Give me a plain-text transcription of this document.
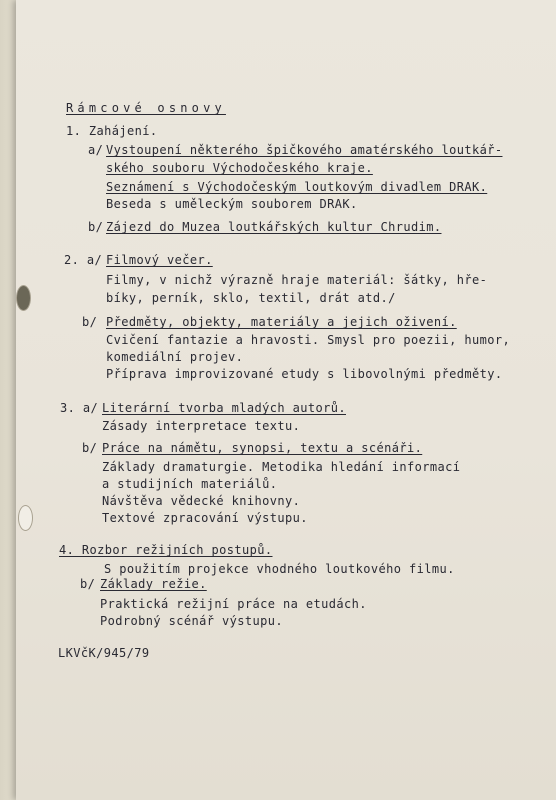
Rámcové osnovy
1. Zahájení.
a/ Vystoupení některého špičkového amatérského loutkář-
ského souboru Východočeského kraje.
Seznámení s Východočeským loutkovým divadlem DRAK.
Beseda s uměleckým souborem DRAK.
b/ Zájezd do Muzea loutkářských kultur Chrudim.
2. a/ Filmový večer.
Filmy, v nichž výrazně hraje materiál: šátky, hře-
bíky, perník, sklo, textil, drát atd./
b/ Předměty, objekty, materiály a jejich oživení.
Cvičení fantazie a hravosti. Smysl pro poezii, humor,
komediální projev.
Příprava improvizované etudy s libovolnými předměty.
3. a/ Literární tvorba mladých autorů.
Zásady interpretace textu.
b/ Práce na námětu, synopsi, textu a scénáři.
Základy dramaturgie. Metodika hledání informací
a studijních materiálů.
Návštěva vědecké knihovny.
Textové zpracování výstupu.
4. Rozbor režijních postupů.
S použitím projekce vhodného loutkového filmu.
b/ Základy režie.
Praktická režijní práce na etudách.
Podrobný scénář výstupu.
LKVčK/945/79
